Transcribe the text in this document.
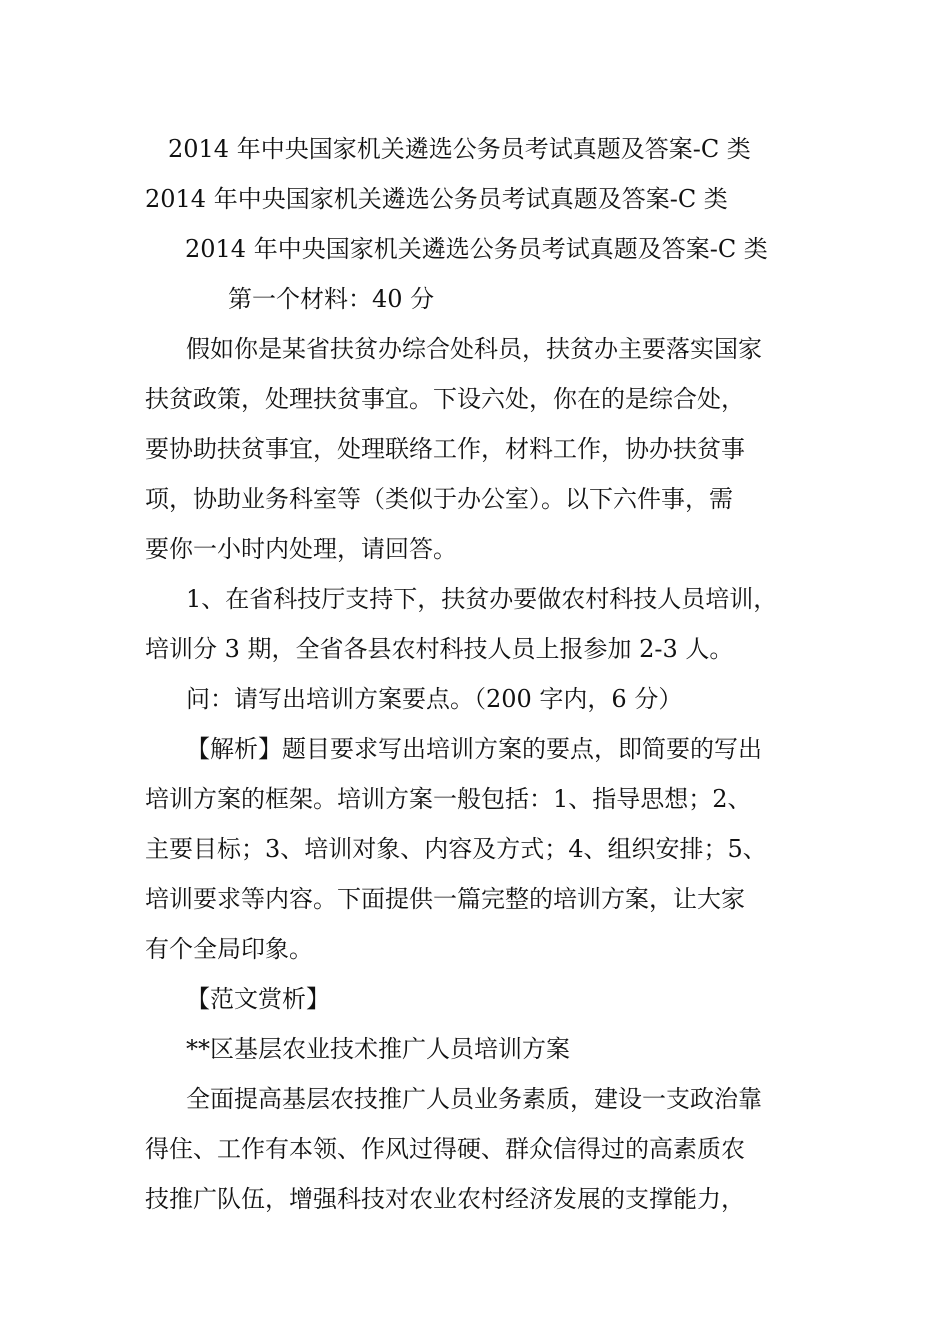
2014 年中央国家机关遴选公务员考试真题及答案-C 类
2014 年中央国家机关遴选公务员考试真题及答案-C 类
2014 年中央国家机关遴选公务员考试真题及答案-C 类
第一个材料：40 分
假如你是某省扶贫办综合处科员，扶贫办主要落实国家
扶贫政策，处理扶贫事宜。下设六处，你在的是综合处，
要协助扶贫事宜，处理联络工作，材料工作，协办扶贫事
项，协助业务科室等（类似于办公室）。以下六件事，需
要你一小时内处理，请回答。
1、在省科技厅支持下，扶贫办要做农村科技人员培训，
培训分 3 期，全省各县农村科技人员上报参加 2-3 人。
问：请写出培训方案要点。（200 字内，6 分）
【解析】题目要求写出培训方案的要点，即简要的写出
培训方案的框架。培训方案一般包括：1、指导思想；2、
主要目标；3、培训对象、内容及方式；4、组织安排；5、
培训要求等内容。下面提供一篇完整的培训方案，让大家
有个全局印象。
【范文赏析】
**区基层农业技术推广人员培训方案
全面提高基层农技推广人员业务素质，建设一支政治靠
得住、工作有本领、作风过得硬、群众信得过的高素质农
技推广队伍，增强科技对农业农村经济发展的支撑能力，
